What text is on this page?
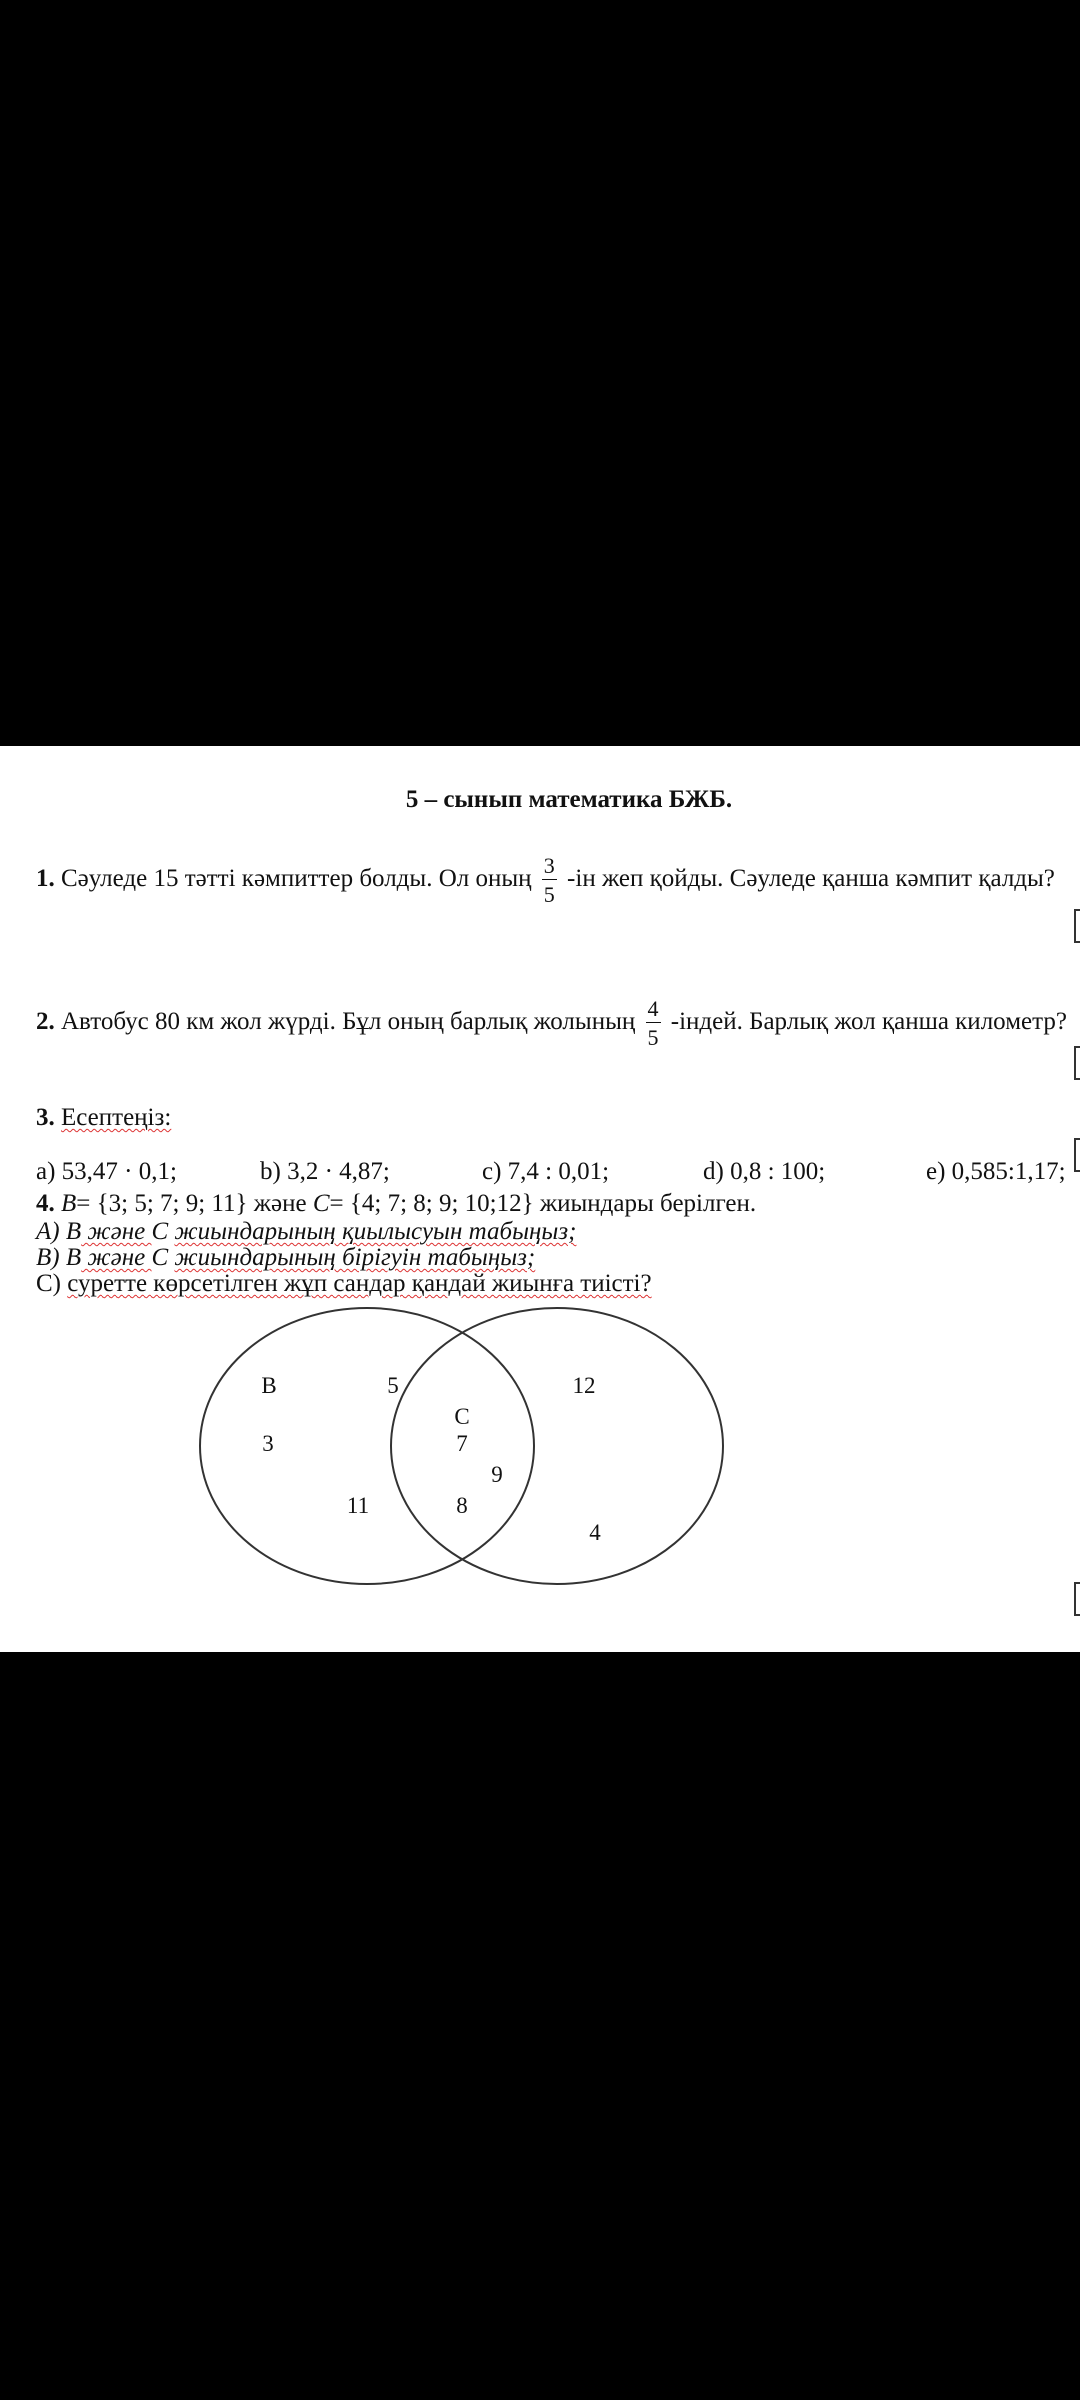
5 – сынып математика БЖБ.
1. Сәуледе 15 тәтті кәмпиттер болды. Ол оның $\frac{3}{5} -ін$ жеп қойды. Сәуледе қанша кәмпит қалды?
2. Автобус 80 км жол жүрді. Бұл оның барлық жолының $\frac{4}{5}$ -індей. Барлық жол қанша километр?
3. Есептеңіз:
a) 53,47 · 0,1;	b) 3,2 · 4,87;	c) 7,4 : 0,01;	d) 0,8 : 100;	e) 0,585:1,17;
4. B= {3; 5; 7; 9; 11} және C= {4; 7; 8; 9; 10;12} жиындары берілген.
A) B және C жиындарының қиылысуын табыңыз;
B) B және C жиындарының бірігуін табыңыз;
C) суретте көрсетілген жұп сандар қандай жиынға тиісті?
B	5	12
C
3	7
9
11	8
4
